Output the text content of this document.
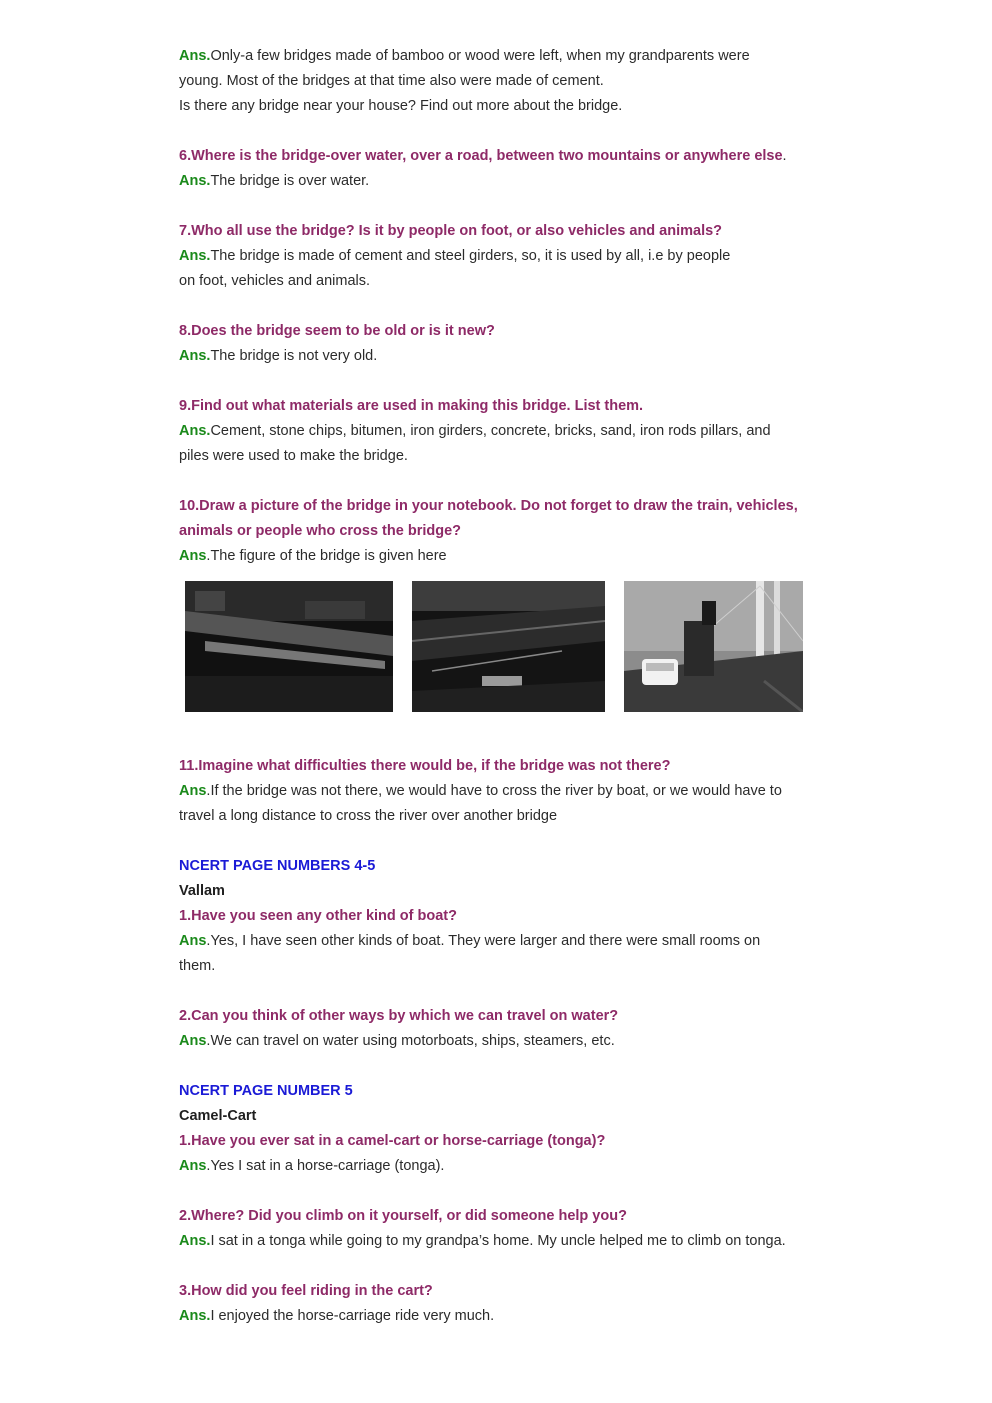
Ans.Only-a few bridges made of bamboo or wood were left, when my grandparents were
young. Most of the bridges at that time also were made of cement.
Is there any bridge near your house? Find out more about the bridge.
6.Where is the bridge-over water, over a road, between two mountains or anywhere else.
Ans.The bridge is over water.
7.Who all use the bridge? Is it by people on foot, or also vehicles and animals?
Ans.The bridge is made of cement and steel girders, so, it is used by all, i.e by people
on foot, vehicles and animals.
8.Does the bridge seem to be old or is it new?
Ans.The bridge is not very old.
9.Find out what materials are used in making this bridge. List them.
Ans.Cement, stone chips, bitumen, iron girders, concrete, bricks, sand, iron rods pillars, and
piles were used to make the bridge.
10.Draw a picture of the bridge in your notebook. Do not forget to draw the train, vehicles,
animals or people who cross the bridge?
Ans.The figure of the bridge is given here
11.Imagine what difficulties there would be, if the bridge was not there?
Ans.If the bridge was not there, we would have to cross the river by boat, or we would have to
travel a long distance to cross the river over another bridge
NCERT PAGE NUMBERS 4-5
Vallam
1.Have you seen any other kind of boat?
Ans.Yes, I have seen other kinds of boat. They were larger and there were small rooms on
them.
2.Can you think of other ways by which we can travel on water?
Ans.We can travel on water using motorboats, ships, steamers, etc.
NCERT PAGE NUMBER 5
Camel-Cart
1.Have you ever sat in a camel-cart or horse-carriage (tonga)?
Ans.Yes I sat in a horse-carriage (tonga).
2.Where? Did you climb on it yourself, or did someone help you?
Ans.I sat in a tonga while going to my grandpa’s home. My uncle helped me to climb on tonga.
3.How did you feel riding in the cart?
Ans.I enjoyed the horse-carriage ride very much.
